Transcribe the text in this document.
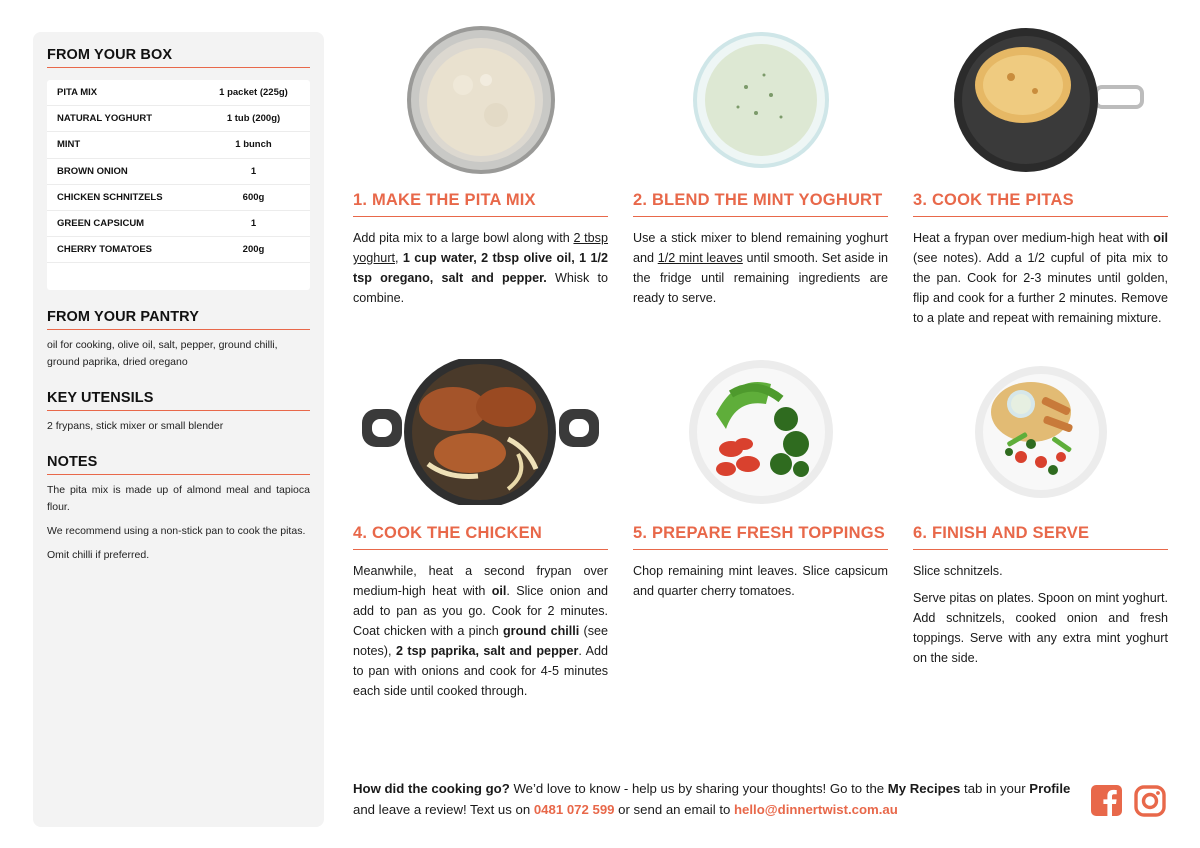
FROM YOUR BOX
PITA MIX	1 packet (225g)
NATURAL YOGHURT	1 tub (200g)
MINT	1 bunch
BROWN ONION	1
CHICKEN SCHNITZELS	600g
GREEN CAPSICUM	1
CHERRY TOMATOES	200g
FROM YOUR PANTRY
oil for cooking, olive oil, salt, pepper, ground chilli, ground paprika, dried oregano
KEY UTENSILS
2 frypans, stick mixer or small blender
NOTES

The pita mix is made up of almond meal and tapioca flour.

We recommend using a non-stick pan to cook the pitas.

Omit chilli if preferred.

1. MAKE THE PITA MIX
Add pita mix to a large bowl along with 2 tbsp yoghurt, 1 cup water, 2 tbsp olive oil, 1 1/2 tsp oregano, salt and pepper. Whisk to combine.
2. BLEND THE MINT YOGHURT
Use a stick mixer to blend remaining yoghurt and 1/2 mint leaves until smooth. Set aside in the fridge until remaining ingredients are ready to serve.
3. COOK THE PITAS
Heat a frypan over medium-high heat with oil (see notes). Add a 1/2 cupful of pita mix to the pan. Cook for 2-3 minutes until golden, flip and cook for a further 2 minutes. Remove to a plate and repeat with remaining mixture.
4. COOK THE CHICKEN
Meanwhile, heat a second frypan over medium-high heat with oil. Slice onion and add to pan as you go. Cook for 2 minutes. Coat chicken with a pinch ground chilli (see notes), 2 tsp paprika, salt and pepper. Add to pan with onions and cook for 4-5 minutes each side until cooked through.
5. PREPARE FRESH TOPPINGS
Chop remaining mint leaves. Slice capsicum and quarter cherry tomatoes.
6. FINISH AND SERVE

Slice schnitzels.

Serve pitas on plates. Spoon on mint yoghurt. Add schnitzels, cooked onion and fresh toppings. Serve with any extra mint yoghurt on the side.

How did the cooking go? We’d love to know - help us by sharing your thoughts! Go to the My Recipes tab in your Profile and leave a review! Text us on 0481 072 599 or send an email to hello@dinnertwist.com.au
